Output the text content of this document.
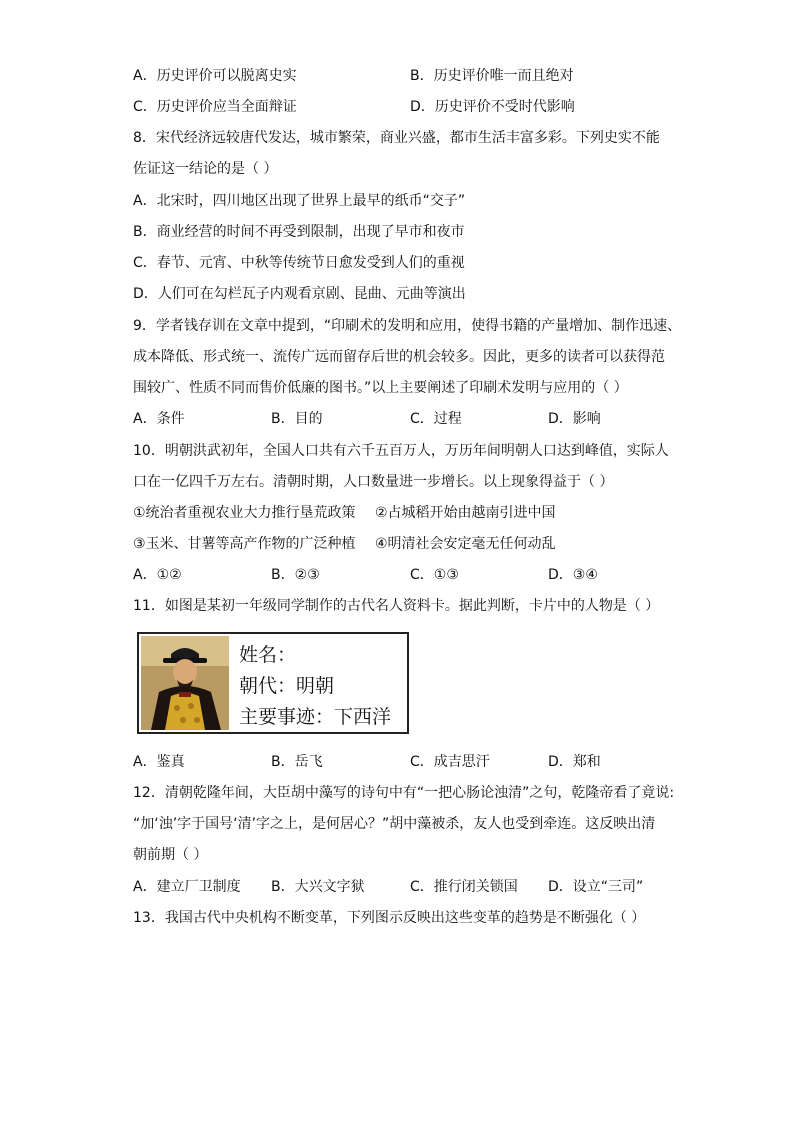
A．历史评价可以脱离史实	B．历史评价唯一而且绝对
C．历史评价应当全面辩证	D．历史评价不受时代影响
8．宋代经济远较唐代发达，城市繁荣，商业兴盛，都市生活丰富多彩。下列史实不能
佐证这一结论的是（ ）
A．北宋时，四川地区出现了世界上最早的纸币“交子”
B．商业经营的时间不再受到限制，出现了早市和夜市
C．春节、元宵、中秋等传统节日愈发受到人们的重视
D．人们可在勾栏瓦子内观看京剧、昆曲、元曲等演出
9．学者钱存训在文章中提到，“印刷术的发明和应用，使得书籍的产量增加、制作迅速、
成本降低、形式统一、流传广远而留存后世的机会较多。因此，更多的读者可以获得范
围较广、性质不同而售价低廉的图书。”以上主要阐述了印刷术发明与应用的（ ）
A．条件	B．目的	C．过程	D．影响
10．明朝洪武初年，全国人口共有六千五百万人，万历年间明朝人口达到峰值，实际人
口在一亿四千万左右。清朝时期，人口数量进一步增长。以上现象得益于（ ）
①统治者重视农业大力推行垦荒政策 ②占城稻开始由越南引进中国
③玉米、甘薯等高产作物的广泛种植 ④明清社会安定毫无任何动乱
A．①②	B．②③	C．①③	D．③④
11．如图是某初一年级同学制作的古代名人资料卡。据此判断，卡片中的人物是（ ）
姓名：
朝代：明朝
主要事迹：下西洋
A．鉴真	B．岳飞	C．成吉思汗	D．郑和
12．清朝乾隆年间，大臣胡中藻写的诗句中有“一把心肠论浊清”之句，乾隆帝看了竟说:
“加‘浊’字于国号‘清’字之上，是何居心？”胡中藻被杀，友人也受到牵连。这反映出清
朝前期（ ）
A．建立厂卫制度 B．大兴文字狱	C．推行闭关锁国 D．设立“三司”
13．我国古代中央机构不断变革，下列图示反映出这些变革的趋势是不断强化（ ）
